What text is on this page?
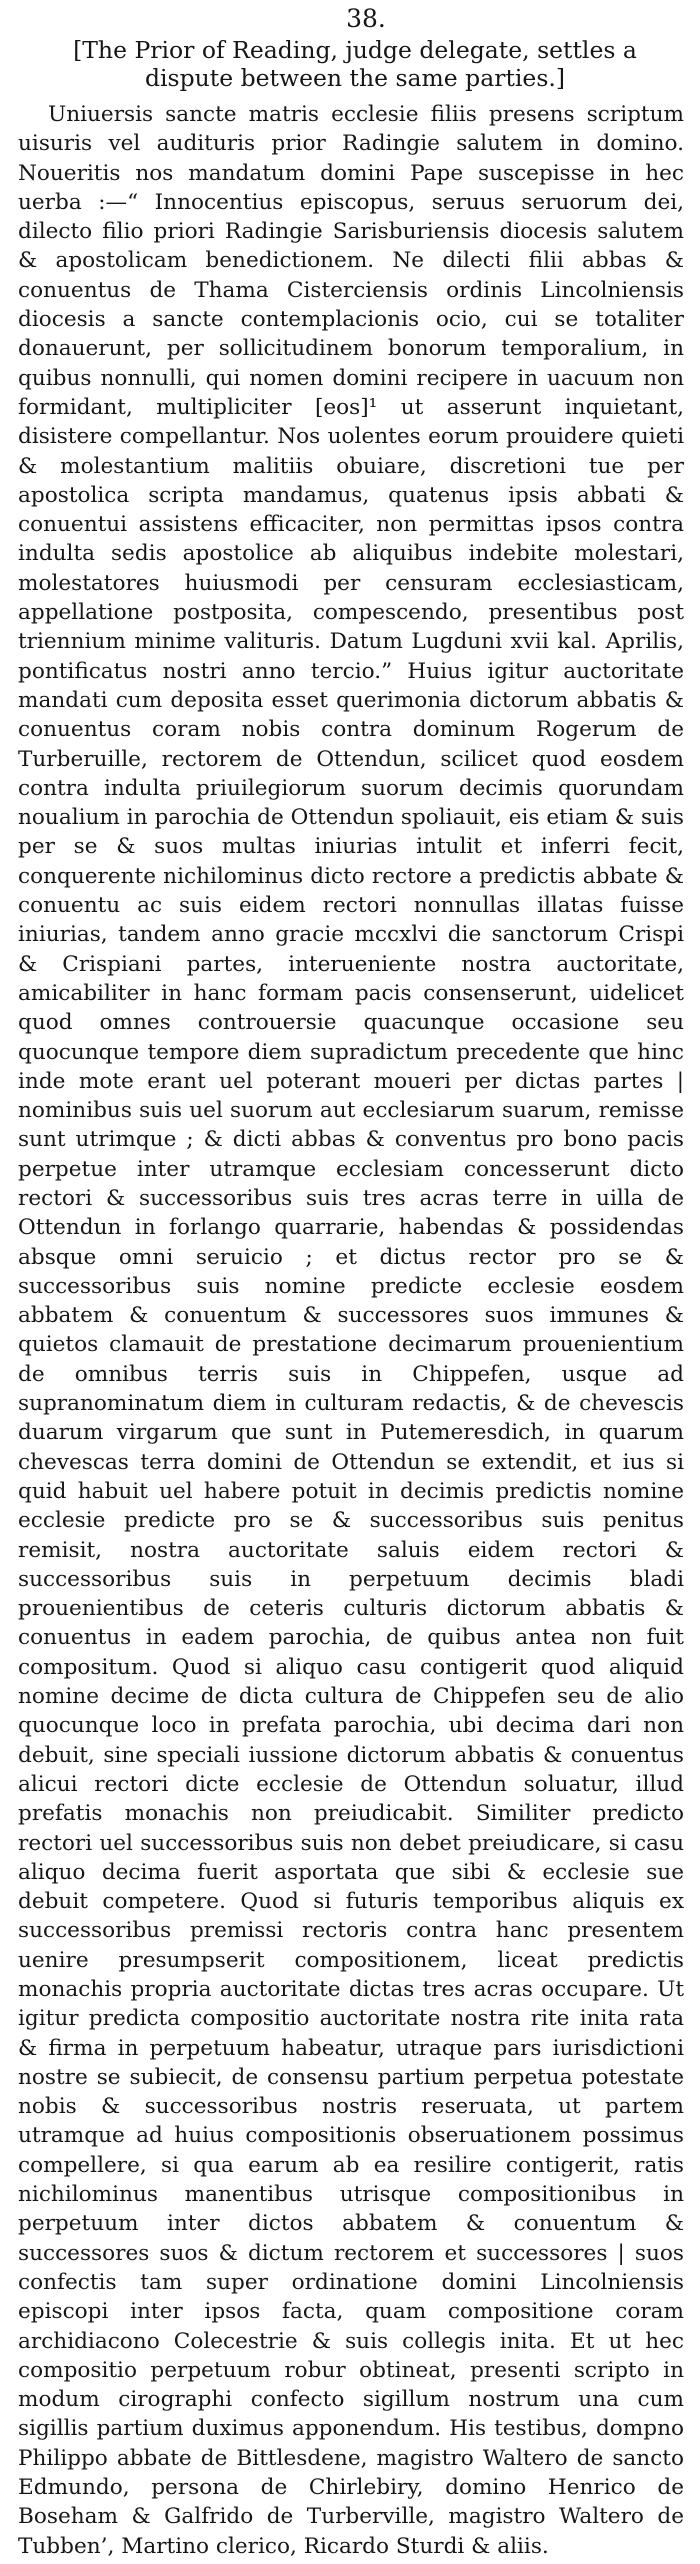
38.
[The Prior of Reading, judge delegate, settles a dispute between the same parties.]

Uniuersis sancte matris ecclesie filiis presens scriptum uisuris vel audituris prior Radingie salutem in domino. Noueritis nos mandatum domini Pape suscepisse in hec uerba :—“ Innocentius episcopus, seruus seruorum dei, dilecto filio priori Radingie Sarisburiensis diocesis salutem & apostolicam benedictionem. Ne dilecti filii abbas & conuentus de Thama Cisterciensis ordinis Lincolniensis diocesis a sancte contemplacionis ocio, cui se totaliter donauerunt, per sollicitudinem bonorum temporalium, in quibus nonnulli, qui nomen domini recipere in uacuum non formidant, multipliciter [eos]¹ ut asserunt inquietant, disistere compellantur. Nos uolentes eorum prouidere quieti & molestantium malitiis obuiare, discretioni tue per apostolica scripta mandamus, quatenus ipsis abbati & conuentui assistens efficaciter, non permittas ipsos contra indulta sedis apostolice ab aliquibus indebite molestari, molestatores huiusmodi per censuram ecclesiasticam, appellatione postposita, compescendo, presentibus post triennium minime valituris. Datum Lugduni xvii kal. Aprilis, pontificatus nostri anno tercio.” Huius igitur auctoritate mandati cum deposita esset querimonia dictorum abbatis & conuentus coram nobis contra dominum Rogerum de Turberuille, rectorem de Ottendun, scilicet quod eosdem contra indulta priuilegiorum suorum decimis quorundam noualium in parochia de Ottendun spoliauit, eis etiam & suis per se & suos multas iniurias intulit et inferri fecit, conquerente nichilominus dicto rectore a predictis abbate & conuentu ac suis eidem rectori nonnullas illatas fuisse iniurias, tandem anno gracie mccxlvi die sanctorum Crispi & Crispiani partes, interueniente nostra auctoritate, amicabiliter in hanc formam pacis consenserunt, uidelicet quod omnes controuersie quacunque occasione seu quocunque tempore diem supradictum precedente que hinc inde mote erant uel poterant moueri per dictas partes | nominibus suis uel suorum aut ecclesiarum suarum, remisse sunt utrimque ; & dicti abbas & conventus pro bono pacis perpetue inter utramque ecclesiam concesserunt dicto rectori & successoribus suis tres acras terre in uilla de Ottendun in forlango quarrarie, habendas & possidendas absque omni seruicio ; et dictus rector pro se & successoribus suis nomine predicte ecclesie eosdem abbatem & conuentum & successores suos immunes & quietos clamauit de prestatione decimarum prouenientium de omnibus terris suis in Chippefen, usque ad supranominatum diem in culturam redactis, & de chevescis duarum virgarum que sunt in Putemeresdich, in quarum chevescas terra domini de Ottendun se extendit, et ius si quid habuit uel habere potuit in decimis predictis nomine ecclesie predicte pro se & successoribus suis penitus remisit, nostra auctoritate saluis eidem rectori & successoribus suis in perpetuum decimis bladi prouenientibus de ceteris culturis dictorum abbatis & conuentus in eadem parochia, de quibus antea non fuit compositum. Quod si aliquo casu contigerit quod aliquid nomine decime de dicta cultura de Chippefen seu de alio quocunque loco in prefata parochia, ubi decima dari non debuit, sine speciali iussione dictorum abbatis & conuentus alicui rectori dicte ecclesie de Ottendun soluatur, illud prefatis monachis non preiudicabit. Similiter predicto rectori uel successoribus suis non debet preiudicare, si casu aliquo decima fuerit asportata que sibi & ecclesie sue debuit competere. Quod si futuris temporibus aliquis ex successoribus premissi rectoris contra hanc presentem uenire presumpserit compositionem, liceat predictis monachis propria auctoritate dictas tres acras occupare. Ut igitur predicta compositio auctoritate nostra rite inita rata & firma in perpetuum habeatur, utraque pars iurisdictioni nostre se subiecit, de consensu partium perpetua potestate nobis & successoribus nostris reseruata, ut partem utramque ad huius compositionis obseruationem possimus compellere, si qua earum ab ea resilire contigerit, ratis nichilominus manentibus utrisque compositionibus in perpetuum inter dictos abbatem & conuentum & successores suos & dictum rectorem et successores | suos confectis tam super ordinatione domini Lincolniensis episcopi inter ipsos facta, quam compositione coram archidiacono Colecestrie & suis collegis inita. Et ut hec compositio perpetuum robur obtineat, presenti scripto in modum cirographi confecto sigillum nostrum una cum sigillis partium duximus apponendum. His testibus, dompno Philippo abbate de Bittlesdene, magistro Waltero de sancto Edmundo, persona de Chirlebiry, domino Henrico de Boseham & Galfrido de Turberville, magistro Waltero de Tubben’, Martino clerico, Ricardo Sturdi & aliis.
